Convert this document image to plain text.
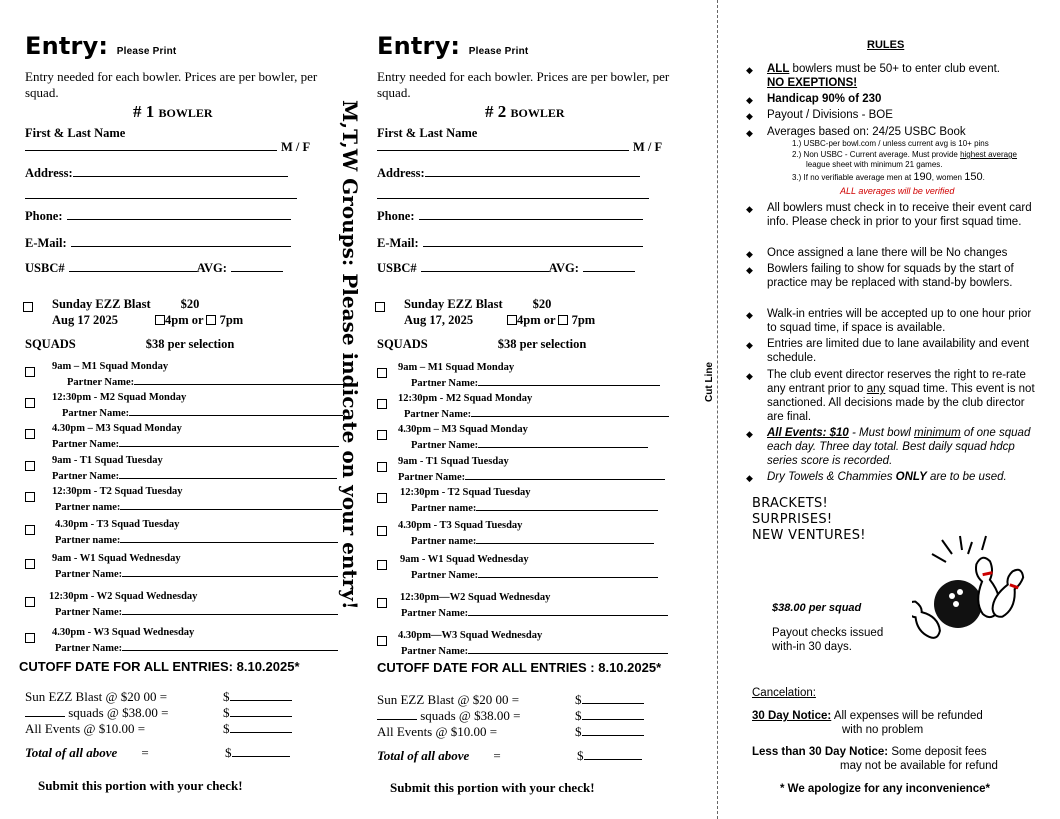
Entry: Please Print
Entry needed for each bowler. Prices are per bowler, per squad.
# 1 BOWLER
First & Last Name
M / F
Address:
Phone:
E-Mail:
USBC#	AVG:
Sunday EZZ Blast $20
Aug 17 2025	4pm or 7pm
SQUADS	$38 per selection
9am – M1 Squad Monday
Partner Name:
12:30pm - M2 Squad Monday
Partner Name:
4.30pm – M3 Squad Monday
Partner Name:
9am - T1 Squad Tuesday
Partner Name:
12:30pm - T2 Squad Tuesday
Partner name:
4.30pm - T3 Squad Tuesday
Partner name:
9am - W1 Squad Wednesday
Partner Name:
12:30pm - W2 Squad Wednesday
Partner Name:
4.30pm - W3 Squad Wednesday
Partner Name:
CUTOFF DATE FOR ALL ENTRIES: 8.10.2025*
Sun EZZ Blast @ $20 00 =	$
squads @ $38.00 =	$
All Events @ $10.00 =	$
Total of all above =	$
Submit this portion with your check!
Entry: Please Print
Entry needed for each bowler. Prices are per bowler, per squad.
# 2 BOWLER
First & Last Name
M / F
Address:
Phone:
E-Mail:
USBC#	AVG:
Sunday EZZ Blast $20
Aug 17, 2025	4pm or 7pm
SQUADS	$38 per selection
9am – M1 Squad Monday
Partner Name:
12:30pm - M2 Squad Monday
Partner Name:
4.30pm – M3 Squad Monday
Partner Name:
9am - T1 Squad Tuesday
Partner Name:
12:30pm - T2 Squad Tuesday
Partner name:
4.30pm - T3 Squad Tuesday
Partner name:
9am - W1 Squad Wednesday
Partner Name:
12:30pm—W2 Squad Wednesday
Partner Name:
4.30pm—W3 Squad Wednesday
Partner Name:
CUTOFF DATE FOR ALL ENTRIES : 8.10.2025*
Sun EZZ Blast @ $20 00 =	$
squads @ $38.00 =	$
All Events @ $10.00 =	$
Total of all above =	$
Submit this portion with your check!
M,T,W Groups: Please indicate on your entry!	Cut Line
RULES
◆ ALL bowlers must be 50+ to enter club event.
NO EXEPTIONS!
◆ Handicap 90% of 230
◆ Payout / Divisions - BOE
◆ Averages based on: 24/25 USBC Book
1.) USBC-per bowl.com / unless current avg is 10+ pins
2.) Non USBC - Current average. Must provide highest average
league sheet with minimum 21 games.
3.) If no verifiable average men at 190, women 150.
ALL averages will be verified
◆ All bowlers must check in to receive their event card info. Please check in prior to your first squad time.
◆ Once assigned a lane there will be No changes
◆ Bowlers failing to show for squads by the start of practice may be replaced with stand-by bowlers.
◆ Walk-in entries will be accepted up to one hour prior to squad time, if space is available.
◆ Entries are limited due to lane availability and event schedule.
◆ The club event director reserves the right to re-rate any entrant prior to any squad time. This event is not sanctioned. All decisions made by the club director are final.
◆ All Events: $10 - Must bowl minimum of one squad each day. Three day total. Best daily squad hdcp series score is recorded.
◆ Dry Towels & Chammies ONLY are to be used.
BRACKETS!
SURPRISES!
NEW VENTURES!
$38.00 per squad
Payout checks issued
with-in 30 days.
Cancelation:
30 Day Notice: All expenses will be refunded
with no problem
Less than 30 Day Notice: Some deposit fees
may not be available for refund
* We apologize for any inconvenience*
